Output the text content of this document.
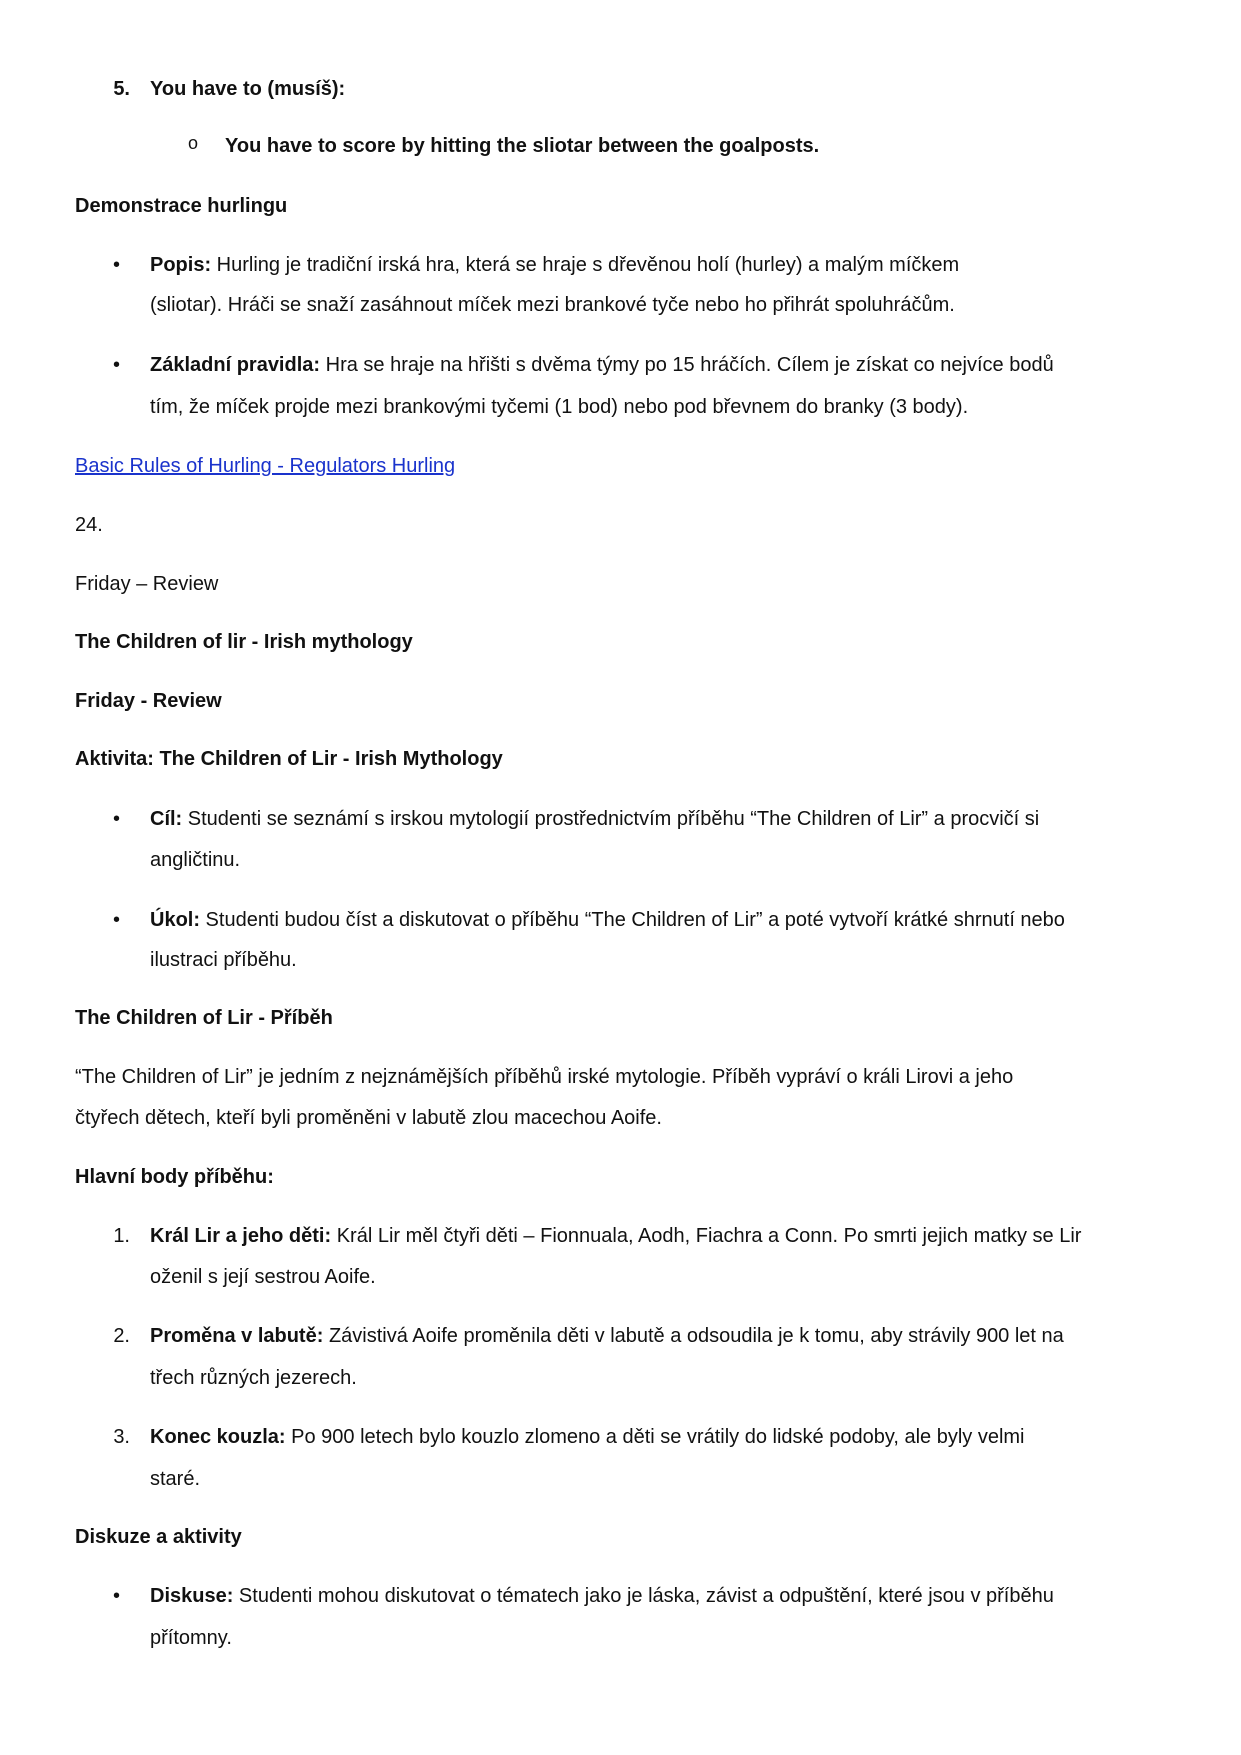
5. You have to (musíš):
o You have to score by hitting the sliotar between the goalposts.
Demonstrace hurlingu
• Popis: Hurling je tradiční irská hra, která se hraje s dřevěnou holí (hurley) a malým míčkem
(sliotar). Hráči se snaží zasáhnout míček mezi brankové tyče nebo ho přihrát spoluhráčům.
• Základní pravidla: Hra se hraje na hřišti s dvěma týmy po 15 hráčích. Cílem je získat co nejvíce bodů
tím, že míček projde mezi brankovými tyčemi (1 bod) nebo pod břevnem do branky (3 body).
Basic Rules of Hurling - Regulators Hurling
24.
Friday – Review
The Children of lir - Irish mythology
Friday - Review
Aktivita: The Children of Lir - Irish Mythology
• Cíl: Studenti se seznámí s irskou mytologií prostřednictvím příběhu “The Children of Lir” a procvičí si
angličtinu.
• Úkol: Studenti budou číst a diskutovat o příběhu “The Children of Lir” a poté vytvoří krátké shrnutí nebo
ilustraci příběhu.
The Children of Lir - Příběh
“The Children of Lir” je jedním z nejznámějších příběhů irské mytologie. Příběh vypráví o králi Lirovi a jeho
čtyřech dětech, kteří byli proměněni v labutě zlou macechou Aoife.
Hlavní body příběhu:
1. Král Lir a jeho děti: Král Lir měl čtyři děti – Fionnuala, Aodh, Fiachra a Conn. Po smrti jejich matky se Lir
oženil s její sestrou Aoife.
2. Proměna v labutě: Závistivá Aoife proměnila děti v labutě a odsoudila je k tomu, aby strávily 900 let na
třech různých jezerech.
3. Konec kouzla: Po 900 letech bylo kouzlo zlomeno a děti se vrátily do lidské podoby, ale byly velmi
staré.
Diskuze a aktivity
• Diskuse: Studenti mohou diskutovat o tématech jako je láska, závist a odpuštění, které jsou v příběhu
přítomny.
